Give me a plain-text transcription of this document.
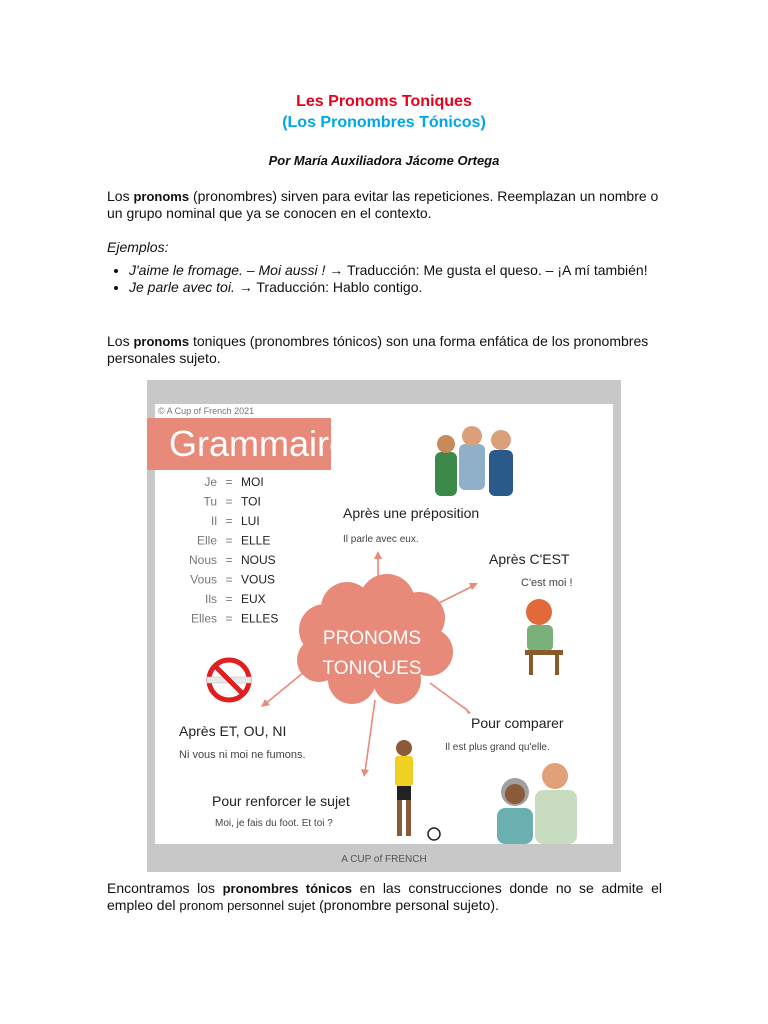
Les Pronoms Toniques
(Los Pronombres Tónicos)
Por María Auxiliadora Jácome Ortega
Los pronoms (pronombres) sirven para evitar las repeticiones. Reemplazan un nombre o un grupo nominal que ya se conocen en el contexto.
Ejemplos:
• J'aime le fromage. – Moi aussi ! → Traducción: Me gusta el queso. – ¡A mí también!
• Je parle avec toi. → Traducción: Hablo contigo.
Los pronoms toniques (pronombres tónicos) son una forma enfática de los pronombres personales sujeto.
© A Cup of French 2021
Grammaire
Je = MOI
Tu = TOI
Il = LUI
Elle = ELLE
Nous = NOUS
Vous = VOUS
Ils = EUX
Elles = ELLES
PRONOMS
TONIQUES
Après une préposition
Il parle avec eux.
Après C'EST
C'est moi !
Après ET, OU, NI
Ni vous ni moi ne fumons.
Pour comparer
Il est plus grand qu'elle.
Pour renforcer le sujet
Moi, je fais du foot. Et toi ?
A CUP of FRENCH
Encontramos los pronombres tónicos en las construcciones donde no se admite el empleo del pronom personnel sujet (pronombre personal sujeto).
